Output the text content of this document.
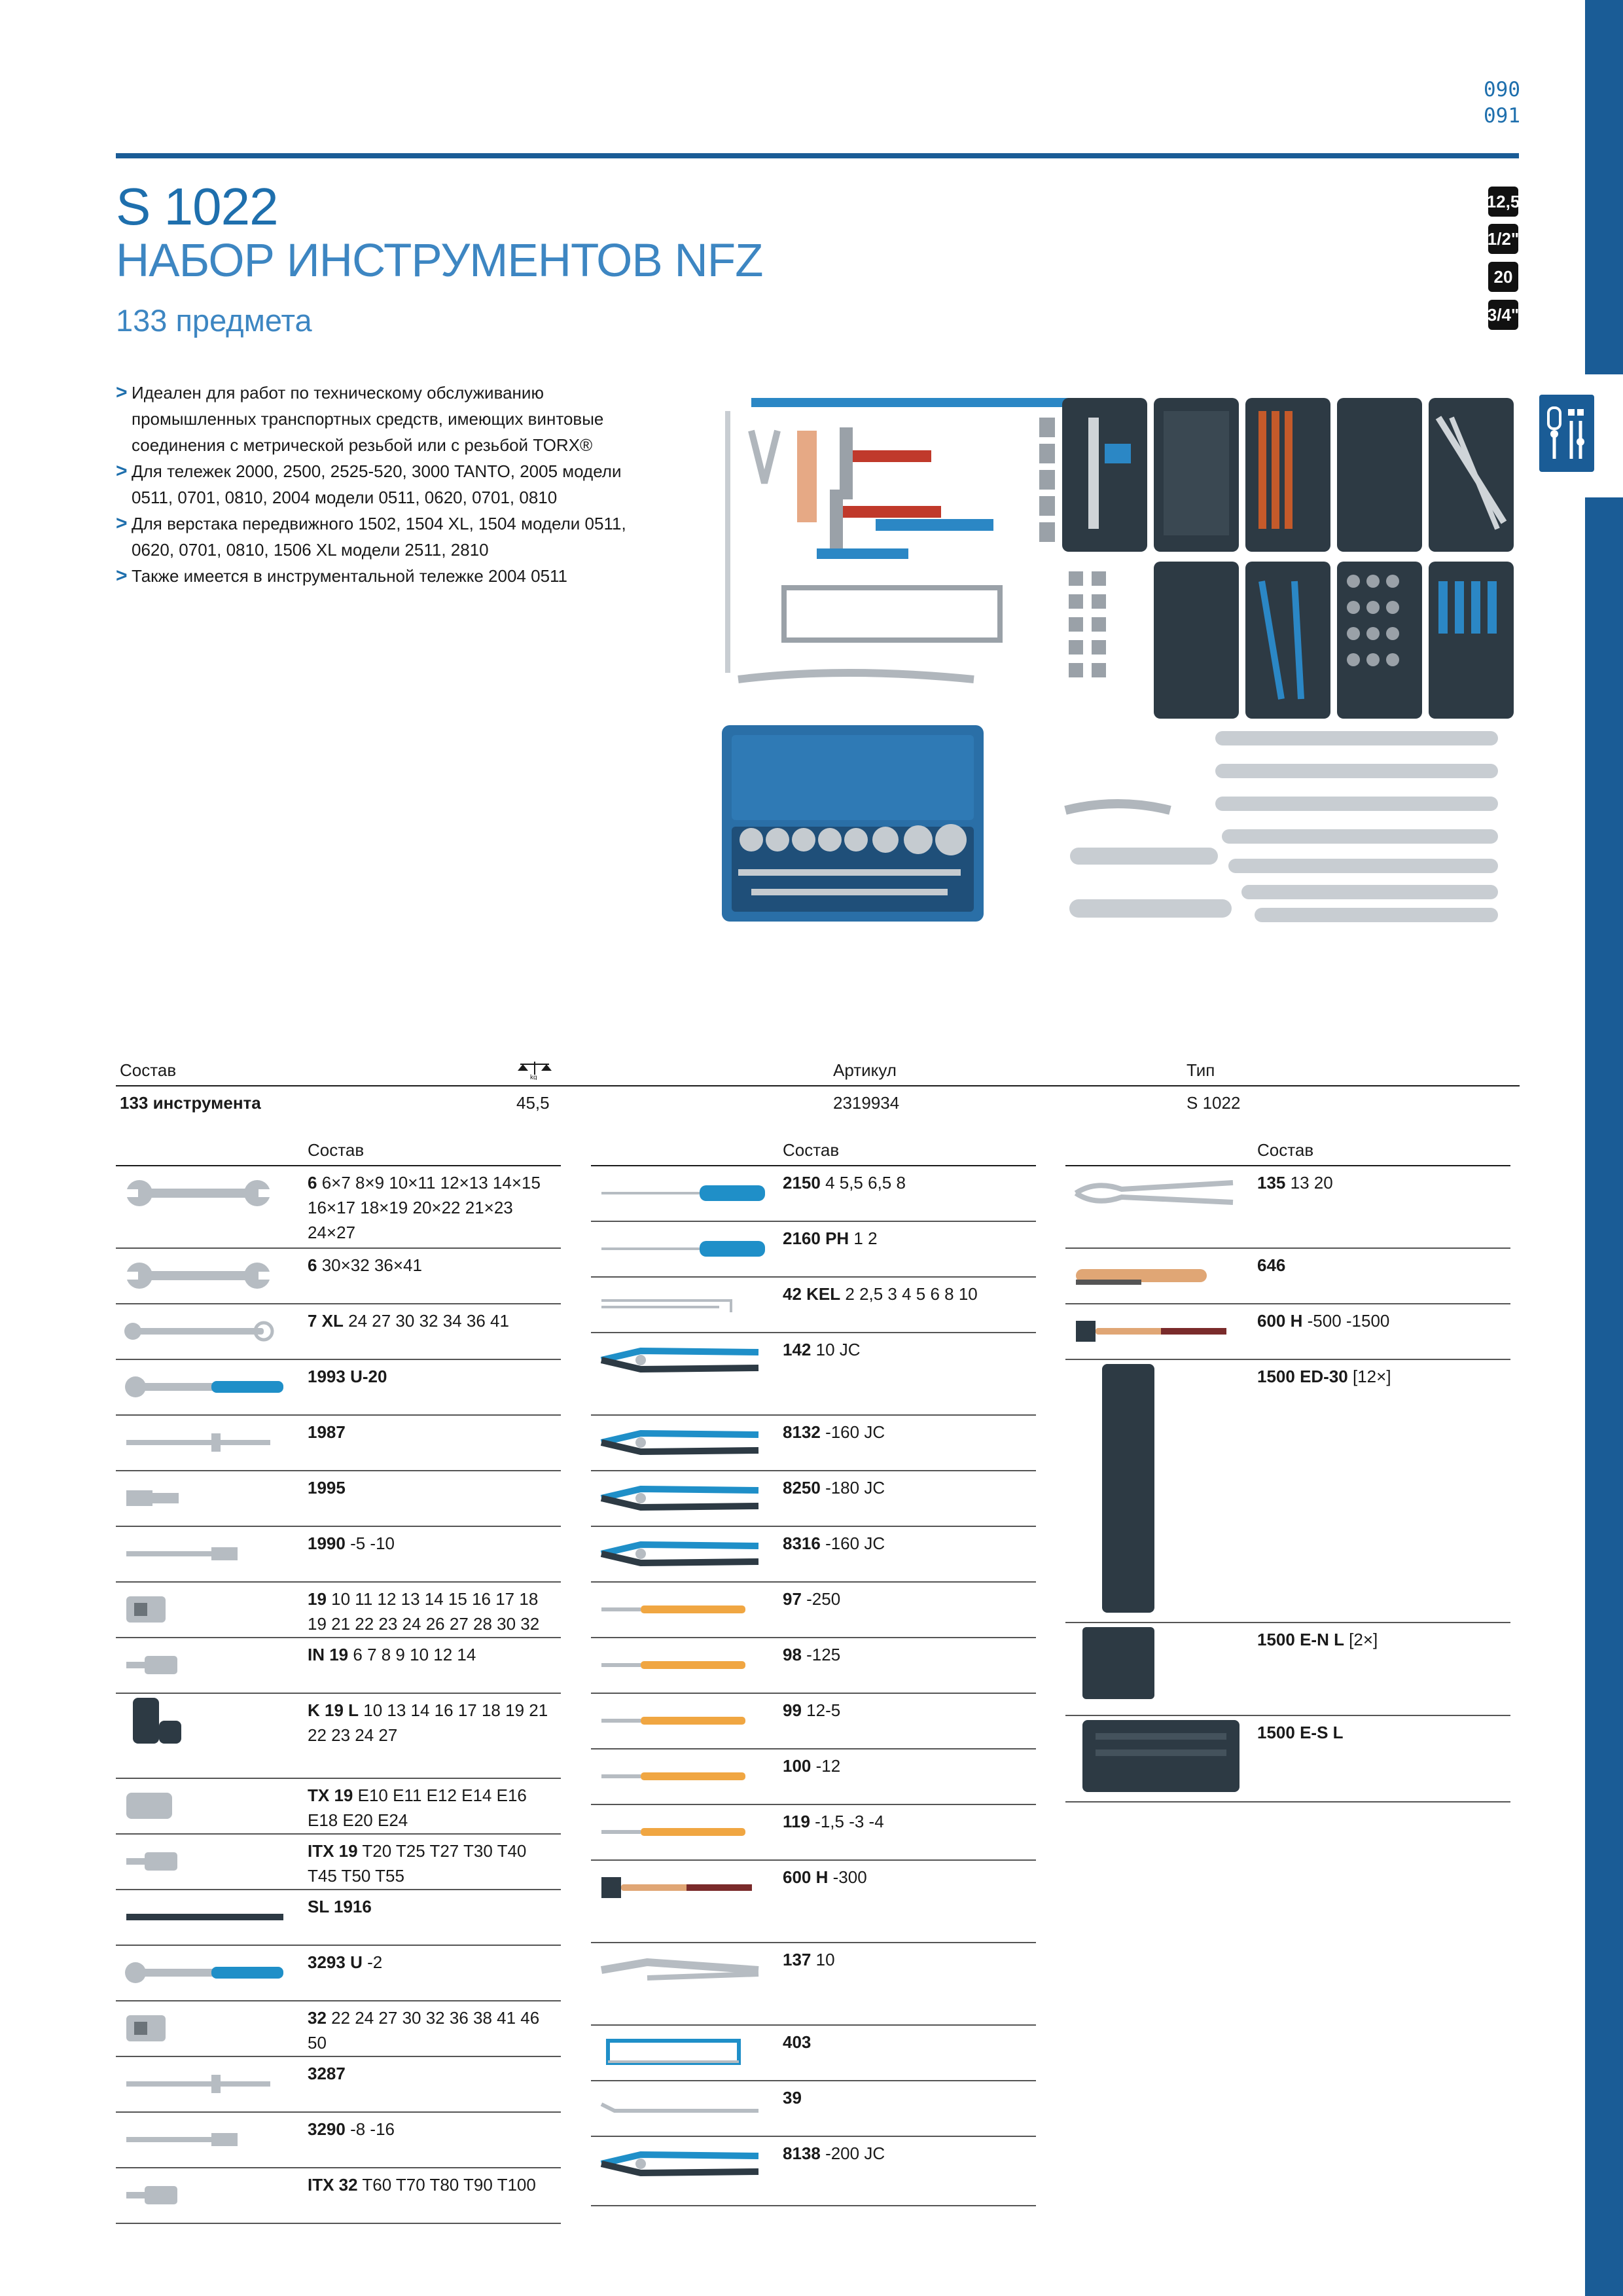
090
091
12,5
1/2"
20
3/4"
S 1022
НАБОР ИНСТРУМЕНТОВ NFZ
133 предмета
> Идеален для работ по техническому обслуживанию промышленных транспортных средств, имеющих винтовые соединения с метрической резьбой или с резьбой TORX®
> Для тележек 2000, 2500, 2525-520, 3000 TANTO, 2005 модели 0511, 0701, 0810, 2004 модели 0511, 0620, 0701, 0810
> Для верстака передвижного 1502, 1504 XL, 1504 модели 0511, 0620, 0701, 0810, 1506 XL модели 2511, 2810
> Также имеется в инструментальной тележке 2004 0511
Состав	kg	Артикул	Тип
133 инструмента	45,5	2319934	S 1022
Состав
6 6×7 8×9 10×11 12×13 14×15 16×17 18×19 20×22 21×23 24×27
6 30×32 36×41
7 XL 24 27 30 32 34 36 41
1993 U-20
1987
1995
1990 -5 -10
19 10 11 12 13 14 15 16 17 18 19 21 22 23 24 26 27 28 30 32
IN 19 6 7 8 9 10 12 14
K 19 L 10 13 14 16 17 18 19 21 22 23 24 27
TX 19 E10 E11 E12 E14 E16 E18 E20 E24
ITX 19 T20 T25 T27 T30 T40 T45 T50 T55
SL 1916
3293 U -2
32 22 24 27 30 32 36 38 41 46 50
3287
3290 -8 -16
ITX 32 T60 T70 T80 T90 T100
Состав
2150 4 5,5 6,5 8
2160 PH 1 2
42 KEL 2 2,5 3 4 5 6 8 10
142 10 JC
8132 -160 JC
8250 -180 JC
8316 -160 JC
97 -250
98 -125
99 12-5
100 -12
119 -1,5 -3 -4
600 H -300
137 10
403
39
8138 -200 JC
Состав
135 13 20
646
600 H -500 -1500
1500 ED-30 [12×]
1500 E-N L [2×]
1500 E-S L
